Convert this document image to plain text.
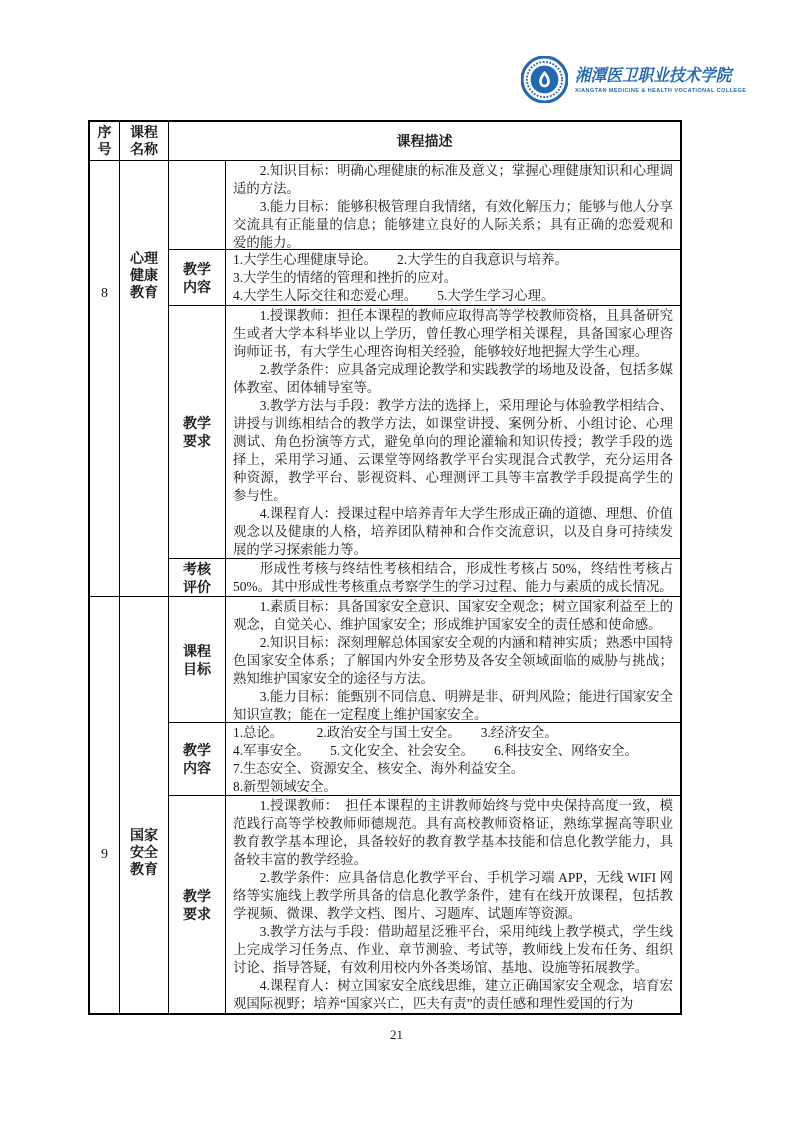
湘潭医卫职业技术学院
XIANGTAN MEDICINE & HEALTH VOCATIONAL COLLEGE
序
号
课程
名称
课程描述
8
心理
健康
教育

2.知识目标：明确心理健康的标准及意义；掌握心理健康知识和心理调适的方法。

3.能力目标：能够积极管理自我情绪，有效化解压力；能够与他人分享交流具有正能量的信息；能够建立良好的人际关系；具有正确的恋爱观和爱的能力。

教学
内容

1.大学生心理健康导论。　　2.大学生的自我意识与培养。

3.大学生的情绪的管理和挫折的应对。

4.大学生人际交往和恋爱心理。　　5.大学生学习心理。

教学
要求

1.授课教师：担任本课程的教师应取得高等学校教师资格，且具备研究生或者大学本科毕业以上学历，曾任教心理学相关课程，具备国家心理咨询师证书，有大学生心理咨询相关经验，能够较好地把握大学生心理。

2.教学条件：应具备完成理论教学和实践教学的场地及设备，包括多媒体教室、团体辅导室等。

3.教学方法与手段：教学方法的选择上，采用理论与体验教学相结合、讲授与训练相结合的教学方法，如课堂讲授、案例分析、小组讨论、心理测试、角色扮演等方式，避免单向的理论灌输和知识传授；教学手段的选择上，采用学习通、云课堂等网络教学平台实现混合式教学，充分运用各种资源，教学平台、影视资料、心理测评工具等丰富教学手段提高学生的参与性。

4.课程育人：授课过程中培养青年大学生形成正确的道德、理想、价值观念以及健康的人格，培养团队精神和合作交流意识，以及自身可持续发展的学习探索能力等。

考核
评价

形成性考核与终结性考核相结合，形成性考核占 50%，终结性考核占50%。其中形成性考核重点考察学生的学习过程、能力与素质的成长情况。

9
国家
安全
教育
课程
目标

1.素质目标：具备国家安全意识、国家安全观念；树立国家利益至上的观念，自觉关心、维护国家安全；形成维护国家安全的责任感和使命感。

2.知识目标：深刻理解总体国家安全观的内涵和精神实质；熟悉中国特色国家安全体系；了解国内外安全形势及各安全领域面临的威胁与挑战；熟知维护国家安全的途径与方法。

3.能力目标：能甄别不同信息、明辨是非、研判风险；能进行国家安全知识宣教；能在一定程度上维护国家安全。

教学
内容

1.总论。　　　2.政治安全与国土安全。　　3.经济安全。

4.军事安全。　　5.文化安全、社会安全。　　6.科技安全、网络安全。

7.生态安全、资源安全、核安全、海外利益安全。

8.新型领域安全。

教学
要求

1.授课教师：　担任本课程的主讲教师始终与党中央保持高度一致，模范践行高等学校教师师德规范。具有高校教师资格证，熟练掌握高等职业教育教学基本理论，具备较好的教育教学基本技能和信息化教学能力，具备较丰富的教学经验。

2.教学条件：应具备信息化教学平台、手机学习端 APP，无线 WIFI 网络等实施线上教学所具备的信息化教学条件，建有在线开放课程，包括教学视频、微课、教学文档、图片、习题库、试题库等资源。

3.教学方法与手段：借助超星泛雅平台，采用纯线上教学模式，学生线上完成学习任务点、作业、章节测验、考试等，教师线上发布任务、组织讨论、指导答疑，有效利用校内外各类场馆、基地、设施等拓展教学。

4.课程育人：树立国家安全底线思维，建立正确国家安全观念，培育宏观国际视野；培养“国家兴亡，匹夫有责”的责任感和理性爱国的行为

21
